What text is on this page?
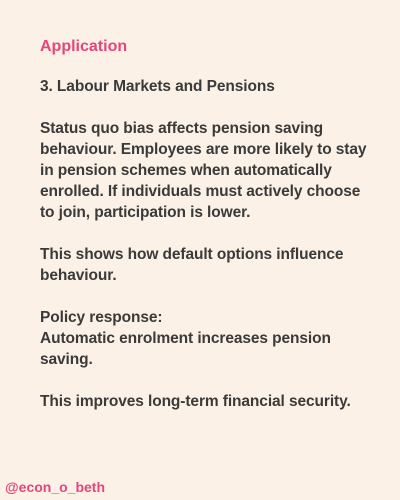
Application
3. Labour Markets and Pensions
Status quo bias affects pension saving behaviour. Employees are more likely to stay in pension schemes when automatically enrolled. If individuals must actively choose to join, participation is lower.
This shows how default options influence behaviour.
Policy response:
Automatic enrolment increases pension saving.
This improves long-term financial security.
@econ_o_beth
